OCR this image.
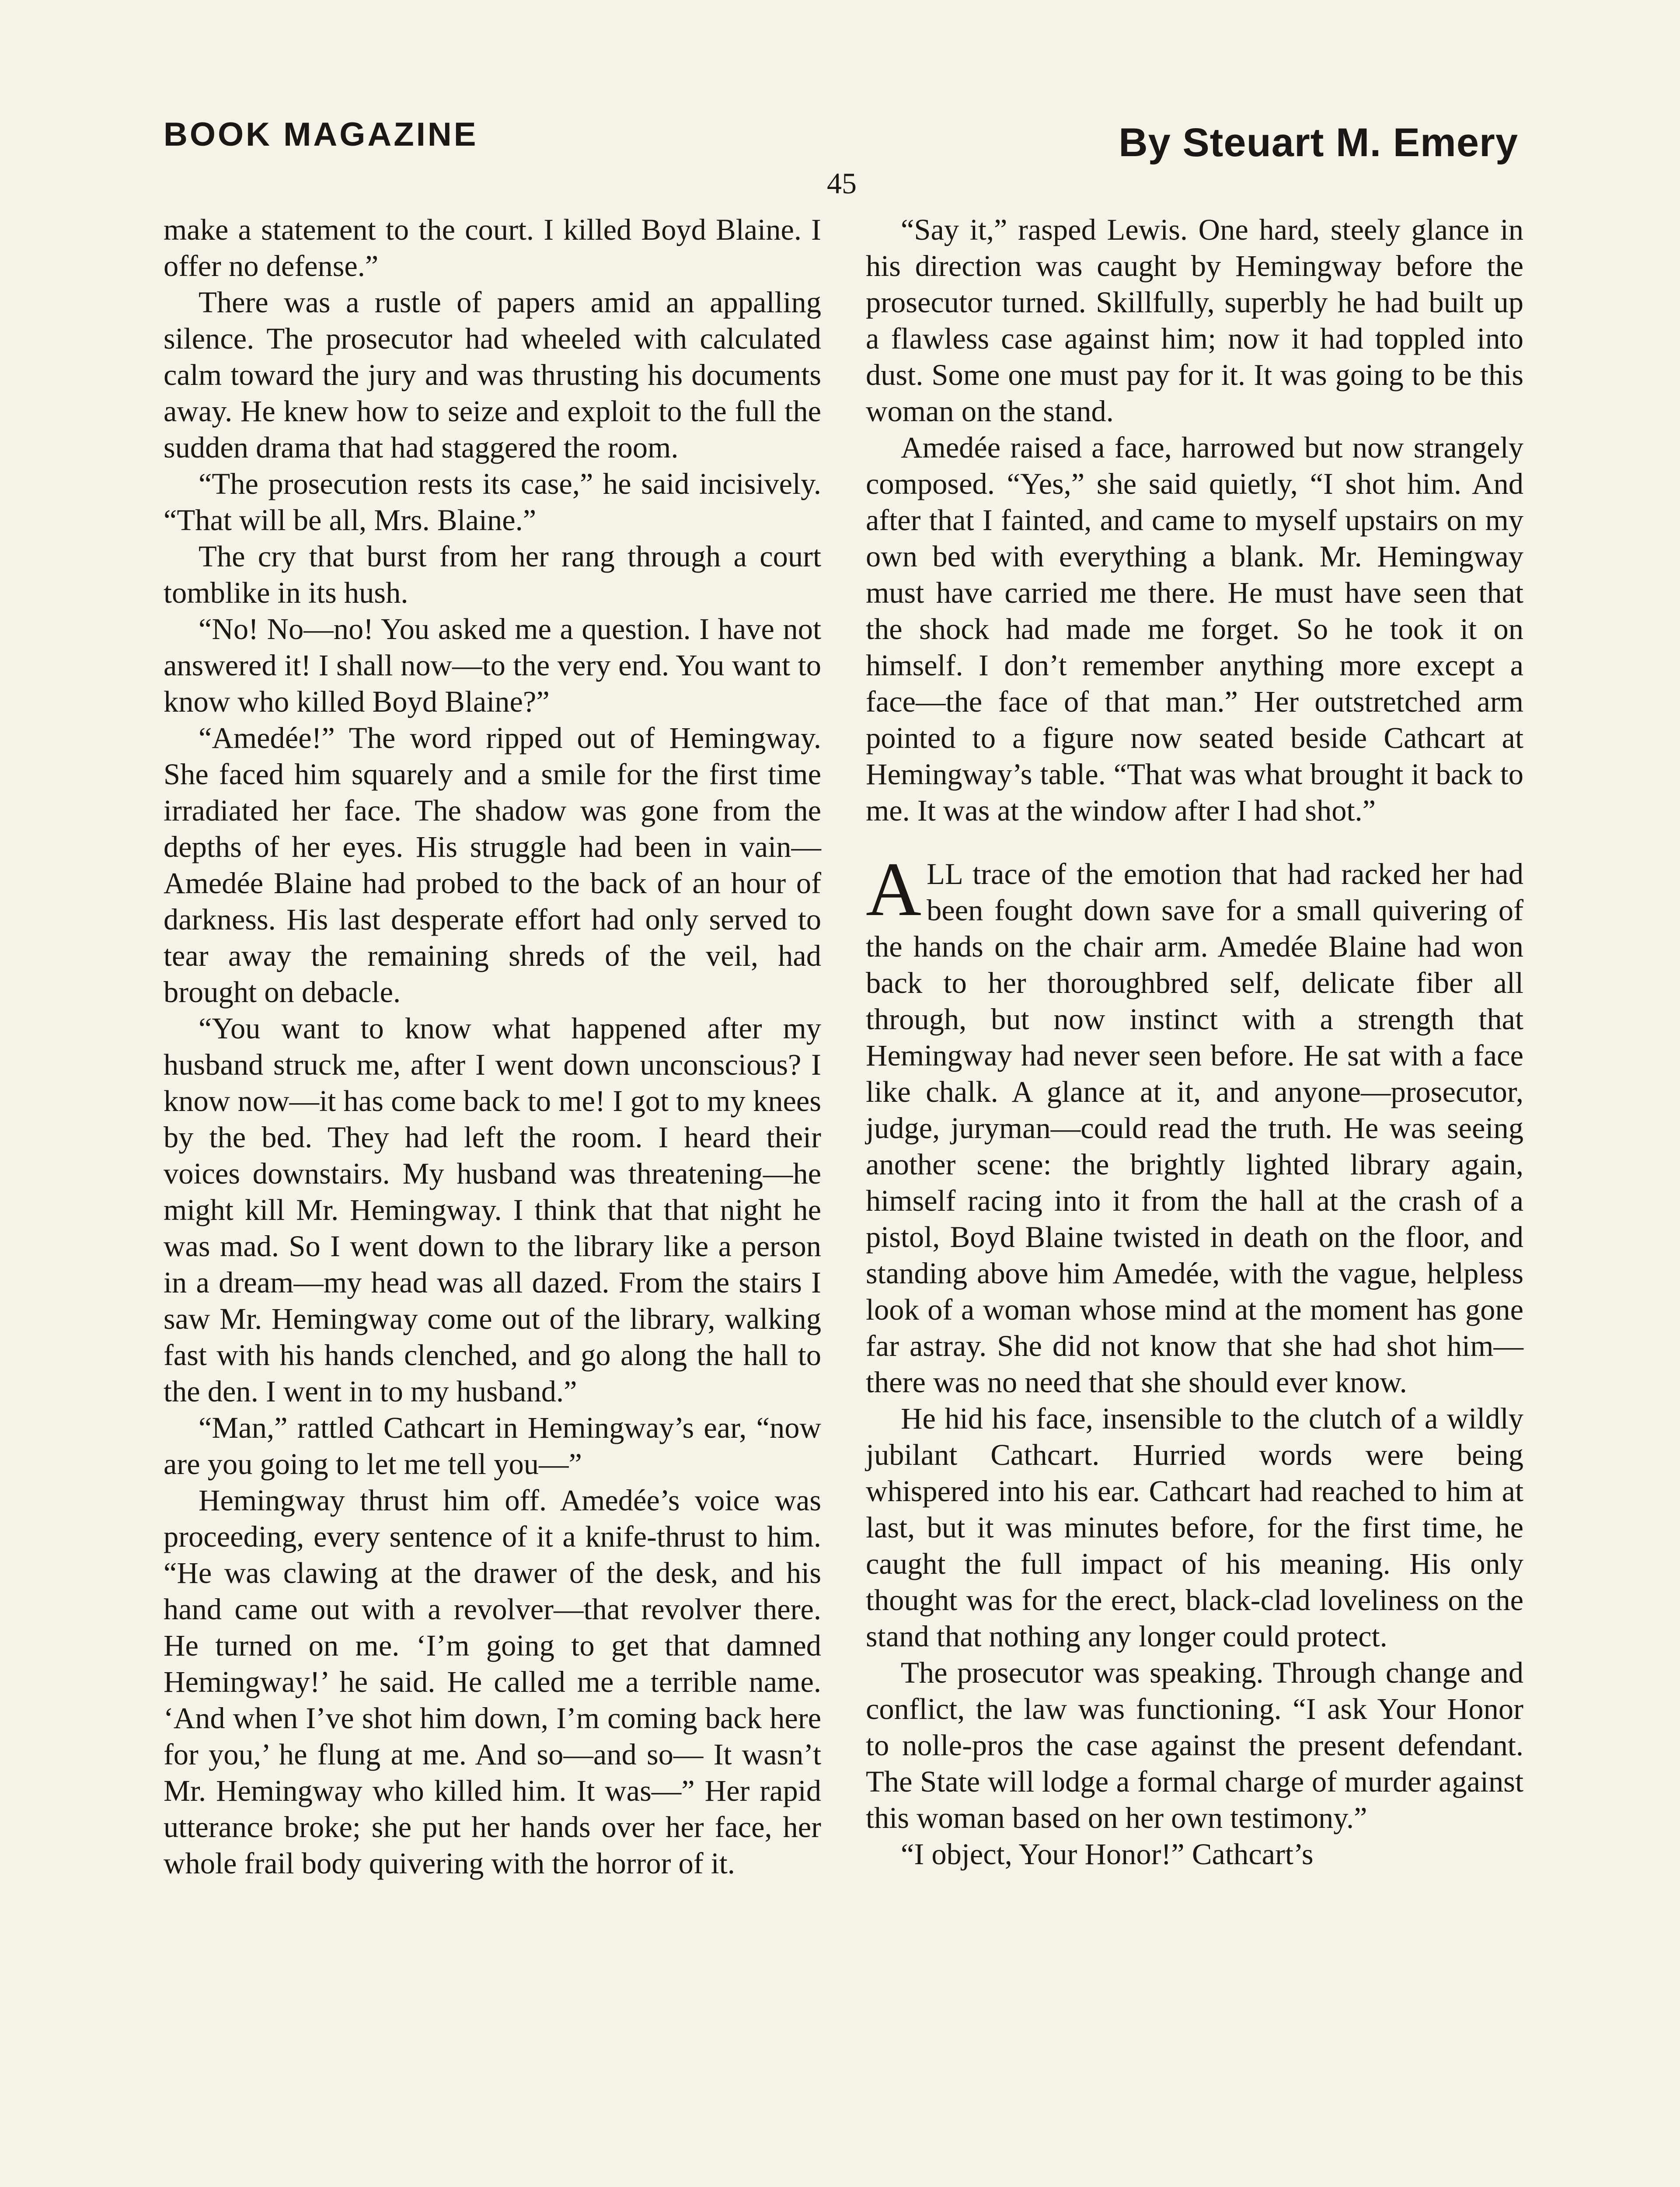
BOOK MAGAZINE	By Steuart M. Emery
45

make a statement to the court. I killed Boyd Blaine. I offer no defense.”

There was a rustle of papers amid an appalling silence. The prosecutor had wheeled with calculated calm toward the jury and was thrusting his documents away. He knew how to seize and exploit to the full the sudden drama that had staggered the room.

“The prosecution rests its case,” he said incisively. “That will be all, Mrs. Blaine.”

The cry that burst from her rang through a court tomblike in its hush.

“No! No—no! You asked me a question. I have not answered it! I shall now—to the very end. You want to know who killed Boyd Blaine?”

“Amedée!” The word ripped out of Hemingway. She faced him squarely and a smile for the first time irradiated her face. The shadow was gone from the depths of her eyes. His struggle had been in vain—Amedée Blaine had probed to the back of an hour of darkness. His last desperate effort had only served to tear away the remaining shreds of the veil, had brought on debacle.

“You want to know what happened after my husband struck me, after I went down unconscious? I know now—it has come back to me! I got to my knees by the bed. They had left the room. I heard their voices downstairs. My husband was threatening—he might kill Mr. Hemingway. I think that that night he was mad. So I went down to the library like a person in a dream—my head was all dazed. From the stairs I saw Mr. Hemingway come out of the library, walking fast with his hands clenched, and go along the hall to the den. I went in to my husband.”

“Man,” rattled Cathcart in Hemingway’s ear, “now are you going to let me tell you—”

Hemingway thrust him off. Amedée’s voice was proceeding, every sentence of it a knife-thrust to him. “He was clawing at the drawer of the desk, and his hand came out with a revolver—that revolver there. He turned on me. ‘I’m going to get that damned Hemingway!’ he said. He called me a terrible name. ‘And when I’ve shot him down, I’m coming back here for you,’ he flung at me. And so—and so— It wasn’t Mr. Hemingway who killed him. It was—” Her rapid utterance broke; she put her hands over her face, her whole frail body quivering with the horror of it.

“Say it,” rasped Lewis. One hard, steely glance in his direction was caught by Hemingway before the prosecutor turned. Skillfully, superbly he had built up a flawless case against him; now it had toppled into dust. Some one must pay for it. It was going to be this woman on the stand.

Amedée raised a face, harrowed but now strangely composed. “Yes,” she said quietly, “I shot him. And after that I fainted, and came to myself upstairs on my own bed with everything a blank. Mr. Hemingway must have carried me there. He must have seen that the shock had made me forget. So he took it on himself. I don’t remember anything more except a face—the face of that man.” Her outstretched arm pointed to a figure now seated beside Cathcart at Hemingway’s table. “That was what brought it back to me. It was at the window after I had shot.”

ALL trace of the emotion that had racked her had been fought down save for a small quivering of the hands on the chair arm. Amedée Blaine had won back to her thoroughbred self, delicate fiber all through, but now instinct with a strength that Hemingway had never seen before. He sat with a face like chalk. A glance at it, and anyone—prosecutor, judge, juryman—could read the truth. He was seeing another scene: the brightly lighted library again, himself racing into it from the hall at the crash of a pistol, Boyd Blaine twisted in death on the floor, and standing above him Amedée, with the vague, helpless look of a woman whose mind at the moment has gone far astray. She did not know that she had shot him—there was no need that she should ever know.

He hid his face, insensible to the clutch of a wildly jubilant Cathcart. Hurried words were being whispered into his ear. Cathcart had reached to him at last, but it was minutes before, for the first time, he caught the full impact of his meaning. His only thought was for the erect, black-clad loveliness on the stand that nothing any longer could protect.

The prosecutor was speaking. Through change and conflict, the law was functioning. “I ask Your Honor to nolle-pros the case against the present defendant. The State will lodge a formal charge of murder against this woman based on her own testimony.”

“I object, Your Honor!” Cathcart’s
